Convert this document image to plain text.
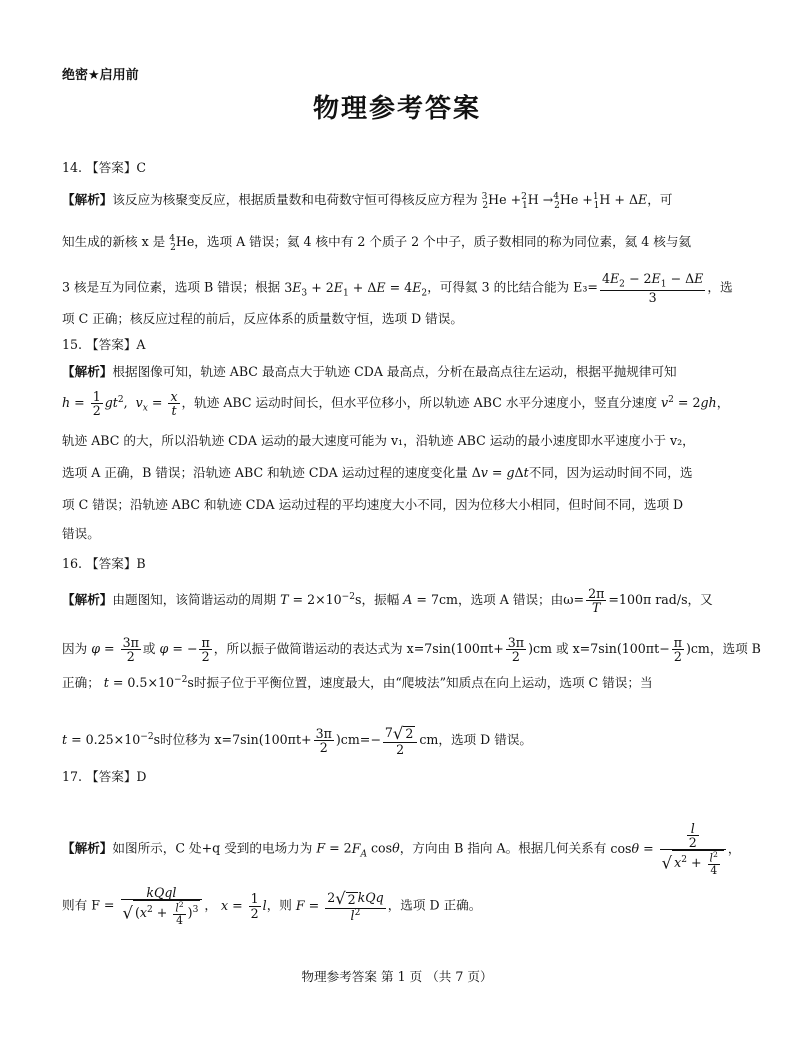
绝密★启用前
物理参考答案
14. 【答案】C
【解析】该反应为核聚变反应，根据质量数和电荷数守恒可得核反应方程为 $^3_2$He +$^2_1$H →$^4_2$He +$^1_1$H + ΔE，可
知生成的新核 x 是 $^4_2$He，选项 A 错误；氦 4 核中有 2 个质子 2 个中子，质子数相同的称为同位素，氦 4 核与氦
3 核是互为同位素，选项 B 错误；根据 $3E_3 + 2E_1 + \Delta E = 4E_2$，可得氦 3 的比结合能为 $E_3= \frac{4E_2 - 2E_1 - \Delta E}{3}$ ，选
项 C 正确；核反应过程的前后，反应体系的质量数守恒，选项 D 错误。
15. 【答案】A
【解析】根据图像可知，轨迹 ABC 最高点大于轨迹 CDA 最高点，分析在最高点往左运动，根据平抛规律可知
$h = \frac{1}{2} gt^2$,  $v_x = \frac{x}{t}$ ，轨迹 ABC 运动时间长，但水平位移小，所以轨迹 ABC 水平分速度小，竖直分速度 $v^2 = 2gh$，
轨迹 ABC 的大，所以沿轨迹 CDA 运动的最大速度可能为 v₁，沿轨迹 ABC 运动的最小速度即水平速度小于 v₂，
选项 A 正确，B 错误；沿轨迹 ABC 和轨迹 CDA 运动过程的速度变化量 Δv = gΔt不同，因为运动时间不同，选
项 C 错误；沿轨迹 ABC 和轨迹 CDA 运动过程的平均速度大小不同，因为位移大小相同，但时间不同，选项 D
错误。
16. 【答案】B
【解析】由题图知，该简谐运动的周期 $T = 2\times 10^{-2}s$，振幅 A = 7cm，选项 A 错误；由$\omega= \frac{2\pi}{T} =100\pi$ rad/s，又
因为 $\varphi = \frac{3\pi}{2}$ 或 φ = − $\frac{\pi}{2}$ ，所以振子做简谐运动的表达式为 $x=7\sin(100\pi t+ \frac{3\pi}{2} )cm$ 或 $x=7\sin(100\pi t- \frac{\pi}{2} )cm$，选项 B
正确； $t = 0.5\times 10^{-2}s$时振子位于平衡位置，速度最大，由“爬坡法”知质点在向上运动，选项 C 错误；当
$t = 0.25\times 10^{-2}s$时位移为 $x=7\sin(100\pi t+ \frac{3\pi}{2} )cm=- \frac{7√ 2}{2}$ cm，选项 D 错误。
17. 【答案】D
【解析】如图所示，C 处+q 受到的电场力为 $F = 2F_A$ cosθ，方向由 B 指向 A。根据几何关系有 $\cos\theta = \frac{\frac{l}{2}}{√ x^2 + \frac{l^2}{4}}$ ，
则有 F =
kQql
√ $(x^2 + \frac{l^2}{4} )^3$ ， $x = \frac{1}{2}$ l，则 F = 2√ 2 kQq
$l^2$	，选项 D 正确。
物理参考答案 第 1 页 （共 7 页）
